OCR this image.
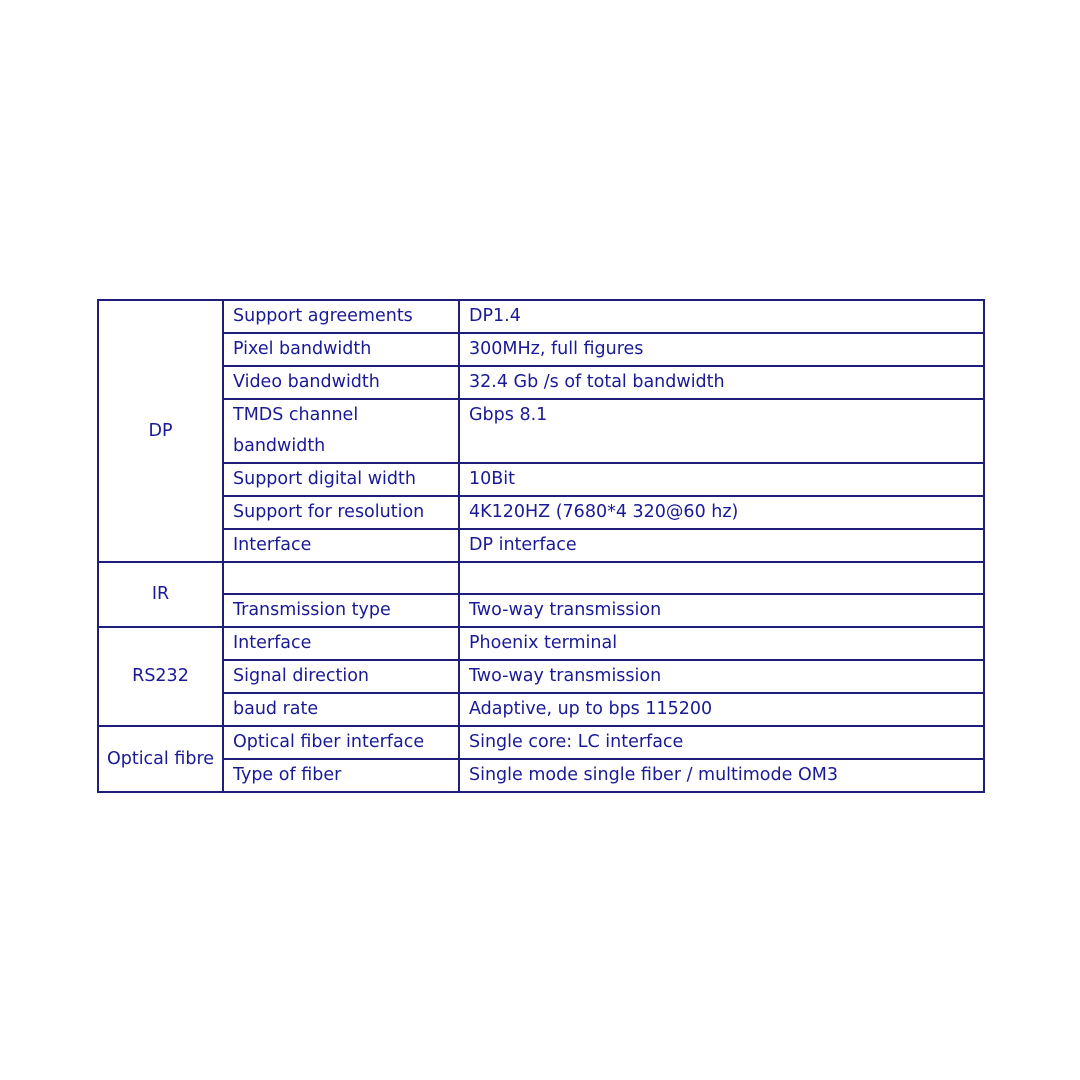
DP	Support agreements	DP1.4
	Pixel bandwidth	300MHz, full figures
	Video bandwidth	32.4 Gb /s of total bandwidth
	TMDS channel bandwidth	Gbps 8.1
	Support digital width	10Bit
	Support for resolution	4K120HZ (7680*4 320@60 hz)
	Interface	DP interface
IR		
	Transmission type	Two-way transmission
RS232	Interface	Phoenix terminal
	Signal direction	Two-way transmission
	baud rate	Adaptive, up to bps 115200
Optical fibre	Optical fiber interface	Single core: LC interface
	Type of fiber	Single mode single fiber / multimode OM3
